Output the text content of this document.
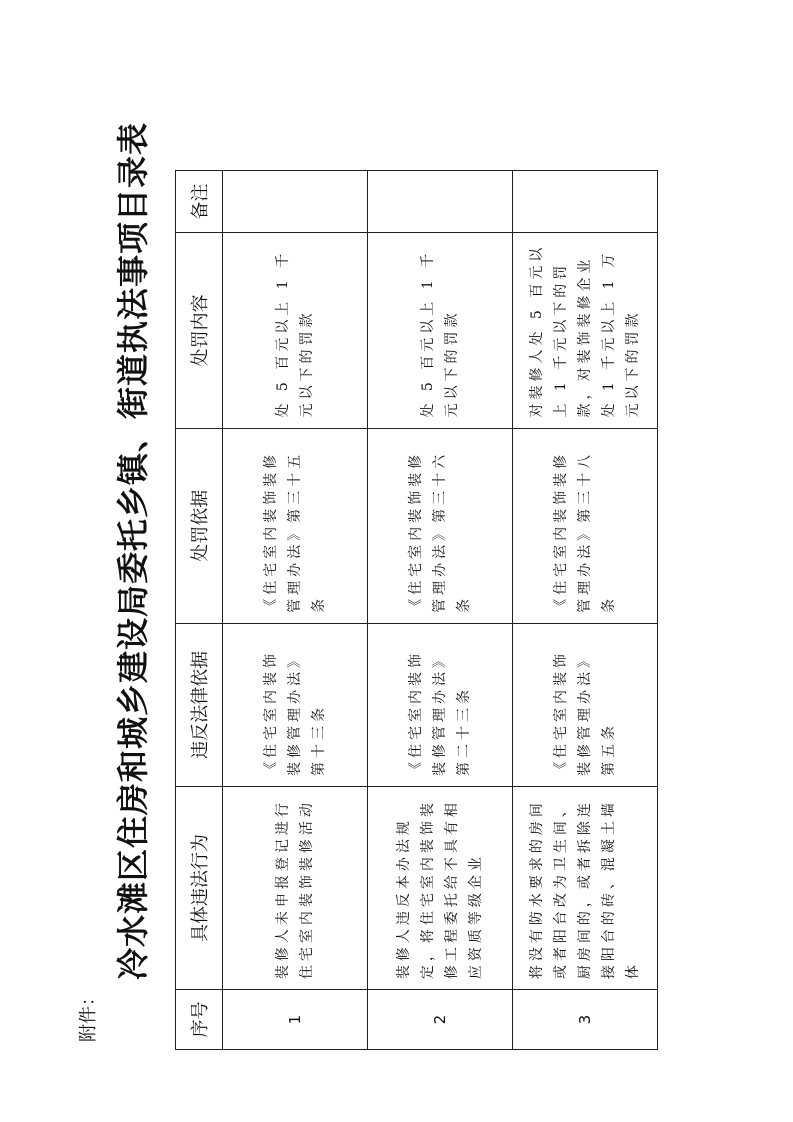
附件：
冷水滩区住房和城乡建设局委托乡镇、街道执法事项目录表
序号	具体违法行为	违反法律依据	处罚依据	处罚内容	备注
1	装修人未申报登记进行住宅室内装饰装修活动	《住宅室内装饰装修管理办法》第十三条	《住宅室内装饰装修管理办法》第三十五条	处 5 百元以上 1 千元以下的罚款	
2	装修人违反本办法规定，将住宅室内装饰装修工程委托给不具有相应资质等级企业	《住宅室内装饰装修管理办法》第二十三条	《住宅室内装饰装修管理办法》第三十六条	处 5 百元以上 1 千元以下的罚款	
3	将没有防水要求的房间或者阳台改为卫生间、厨房间的，或者拆除连接阳台的砖、混凝土墙体	《住宅室内装饰装修管理办法》第五条	《住宅室内装饰装修管理办法》第三十八条	对装修人处 5 百元以上 1 千元以下的罚款，对装饰装修企业处 1 千元以上 1 万元以下的罚款	
